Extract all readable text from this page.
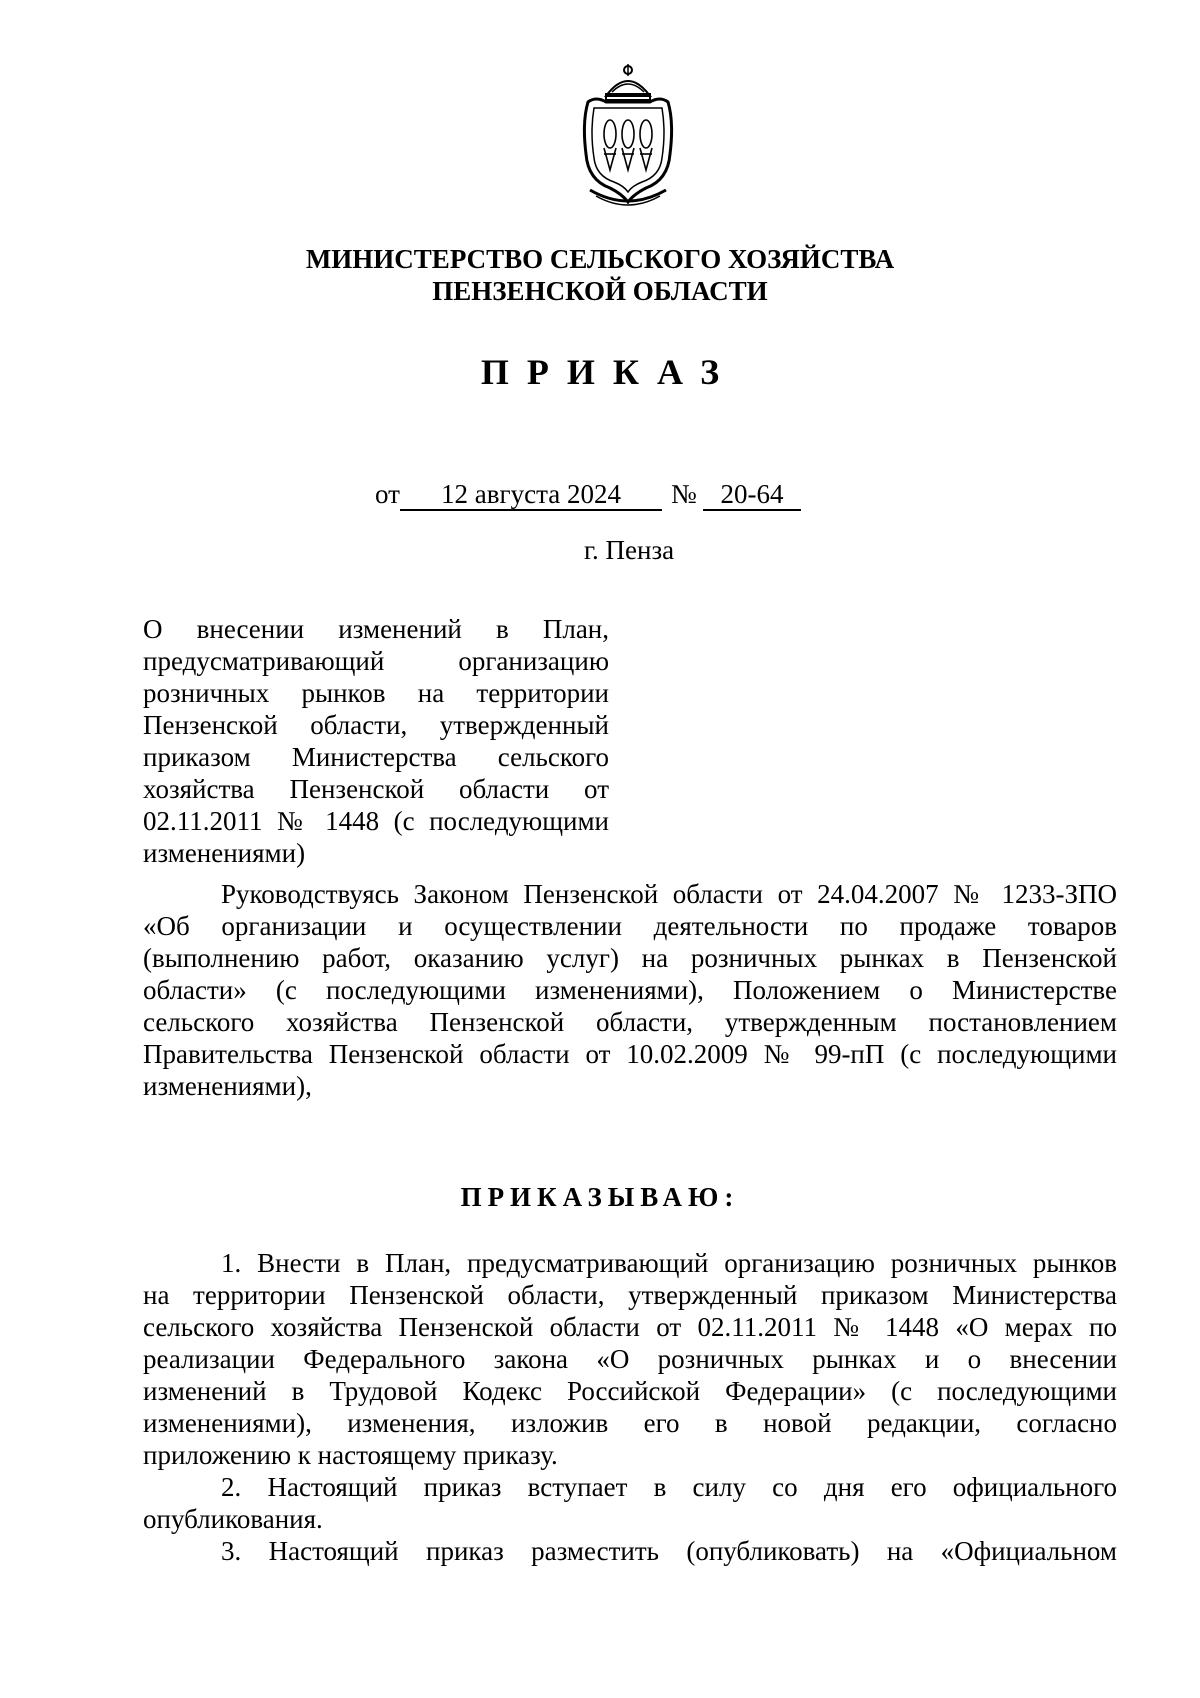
МИНИСТЕРСТВО СЕЛЬСКОГО ХОЗЯЙСТВА
ПЕНЗЕНСКОЙ ОБЛАСТИ
ПРИКАЗ
от	12 августа 2024	№ 20-64
г. Пенза
О внесении изменений в План,
предусматривающий организацию
розничных рынков на территории
Пензенской области, утвержденный
приказом Министерства сельского
хозяйства Пензенской области от
02.11.2011 № 1448 (с последующими
изменениями)
Руководствуясь Законом Пензенской области от 24.04.2007 № 1233-ЗПО
«Об организации и осуществлении деятельности по продаже товаров
(выполнению работ, оказанию услуг) на розничных рынках в Пензенской
области» (с последующими изменениями), Положением о Министерстве
сельского хозяйства Пензенской области, утвержденным постановлением
Правительства Пензенской области от 10.02.2009 № 99-пП (с последующими
изменениями),
ПРИКАЗЫВАЮ:
1. Внести в План, предусматривающий организацию розничных рынков
на территории Пензенской области, утвержденный приказом Министерства
сельского хозяйства Пензенской области от 02.11.2011 № 1448 «О мерах по
реализации Федерального закона «О розничных рынках и о внесении
изменений в Трудовой Кодекс Российской Федерации» (с последующими
изменениями), изменения, изложив его в новой редакции, согласно
приложению к настоящему приказу.
2. Настоящий приказ вступает в силу со дня его официального
опубликования.
3. Настоящий приказ разместить (опубликовать) на «Официальном
